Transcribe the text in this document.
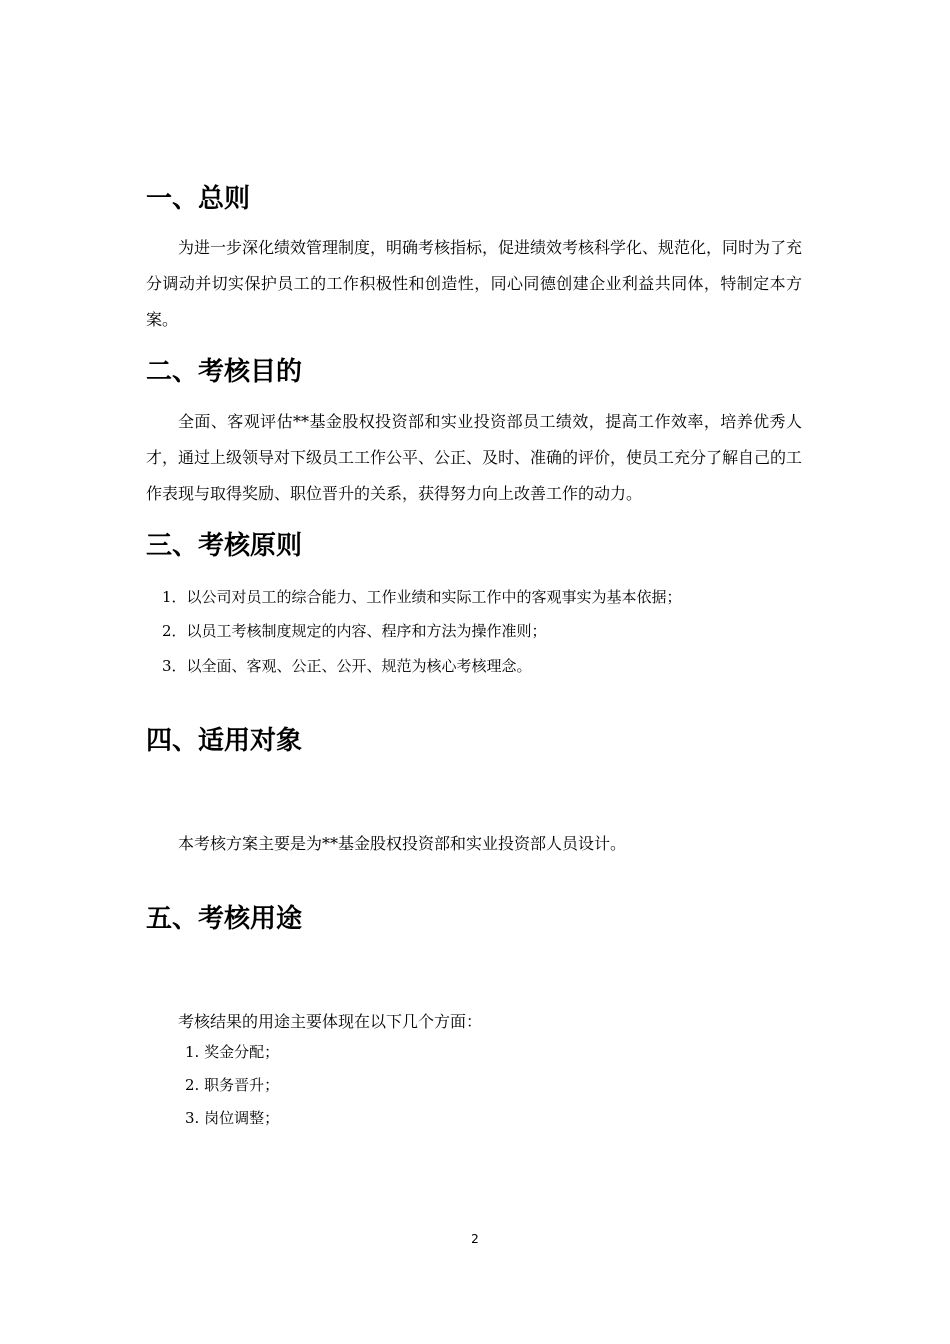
一、总则

为进一步深化绩效管理制度，明确考核指标，促进绩效考核科学化、规范化，同时为了充分调动并切实保护员工的工作积极性和创造性，同心同德创建企业利益共同体，特制定本方案。

二、考核目的

全面、客观评估**基金股权投资部和实业投资部员工绩效，提高工作效率，培养优秀人才，通过上级领导对下级员工工作公平、公正、及时、准确的评价，使员工充分了解自己的工作表现与取得奖励、职位晋升的关系，获得努力向上改善工作的动力。

三、考核原则

1．以公司对员工的综合能力、工作业绩和实际工作中的客观事实为基本依据；

2．以员工考核制度规定的内容、程序和方法为操作准则；

3．以全面、客观、公正、公开、规范为核心考核理念。

四、适用对象

本考核方案主要是为**基金股权投资部和实业投资部人员设计。

五、考核用途

考核结果的用途主要体现在以下几个方面：

1. 奖金分配；

2. 职务晋升；

3. 岗位调整；

2
